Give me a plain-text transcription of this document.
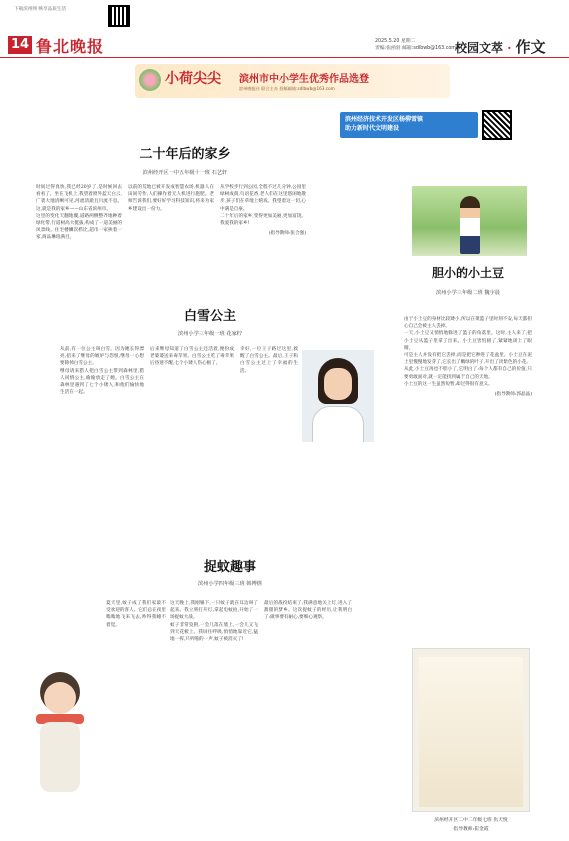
下载滨州网 畅享品质生活
14 鲁北晚报	2025.5.20 星期二
责编:张函羽 邮箱:sdlbwb@163.com 校园文萃 · 作文
小荷尖尖 滨州市中小学生优秀作品选登
滨州晚报社 联合主办 投稿邮箱:sdlbwb@163.com
滨州经济技术开发区杨柳雪镇
助力新时代文明建设
二十年后的家乡
滨州经开区一中五年级十一班 石艺轩

时间过得真快,我已经20岁了,是时候回去看看了。坐在飞机上,我望着窗外蓝天白云,广袤大地清晰可见,河流清澈且川流不息。这,就是我的家乡——山东省滨州市。

这里的变化天翻地覆,道路两侧整齐地种着绿化带,行道树高大挺拔,构成了一道美丽的风景线。住宅楼鳞次栉比,超市一家挨着一家,商品琳琅满目。

以前的荒地已被开发成智慧农场,机器人在田间劳作,人们操作着无人机进行施肥。老师告诉我们,要好好学习科技知识,将来为家乡建设出一份力。

从学校步行到公园,全程不过几分钟,公园里绿树成荫,鸟语花香,老人们在这里悠闲地散步,孩子们在草地上嬉戏。我望着这一切,心中满是自豪。

二十年后的家乡,变得更加美丽,更加富饶。我爱我的家乡!

(指导教师:张合强)

胆小的小土豆
滨州小学三年级二班 魏宇晨

由于小土豆的身材比较矮小,所以在菜篮子里时刻不安,每天都担心自己会被主人丢掉。

一天,小土豆又悄悄地躲进了篮子的角落里。这时,主人来了,把小土豆从篮子里拿了出来。小土豆害怕极了,紧紧地闭上了眼睛。

可是主人并没有把它丢掉,而是把它种进了花盆里。小土豆在泥土里慢慢地发芽了,它长出了嫩绿的叶子,开出了淡紫色的小花。

从此,小土豆再也不胆小了,它明白了:每个人都有自己的价值,只要勇敢面对,就一定能找到属于自己的天地。

小土豆的这一生虽然短暂,却过得很有意义。

(指导教师:郭晶晶)

白雪公主
滨州小学三年级一班 花家柠

从前,有一位公主叫白雪。因为她长得漂亮,招来了继母的嫉妒与怨恨,继母一心想要除掉白雪公主。

继母请来猎人把白雪公主带到森林里,猎人同情公主,偷偷放走了她。白雪公主在森林里遇到了七个小矮人,和他们愉快地生活在一起。

后来继母知道了白雪公主还活着,便扮成老婆婆送来毒苹果。白雪公主吃了毒苹果后昏迷不醒,七个小矮人伤心极了。

幸好,一位王子路过这里,救醒了白雪公主。最后,王子和白雪公主过上了幸福的生活。

捉蚊趣事
滨州小学四年级三班 韩博僖

夏天里,蚊子成了我们家最不受欢迎的客人。它们总在夜里嗡嗡地飞来飞去,吵得我睡不着觉。

这天晚上,我刚躺下,一只蚊子就在耳边叫了起来。我立刻打开灯,拿起电蚊拍,开始了一场捉蚊大战。

蚊子非常狡猾,一会儿落在墙上,一会儿又飞到天花板上。我屏住呼吸,悄悄地靠近它,猛地一挥,只听啪的一声,蚊子被消灭了!

最后的战役结束了,我满意地关上灯,进入了甜甜的梦乡。这次捉蚊子的经历,让我明白了:做事要有耐心,要细心观察。

滨州经开区二中二年级七班 仇天悦
指导教师:崔金霞
